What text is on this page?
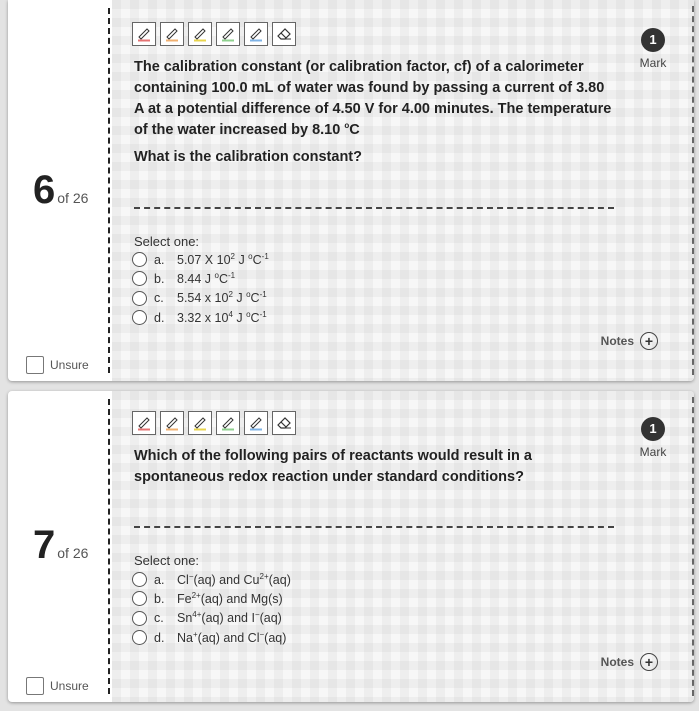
6 of 26
Unsure
1
Mark

The calibration constant (or calibration factor, cf) of a calorimeter containing 100.0 mL of water was found by passing a current of 3.80 A at a potential difference of 4.50 V for 4.00 minutes. The temperature of the water increased by 8.10 $^o$C

What is the calibration constant?

Select one:
a.	5.07 X $10^2$ J $^oC^{-1}$
b.	8.44 J $^oC^{-1}$
c.	5.54 x $10^2$ J $^oC^{-1}$
d.	3.32 x $10^4$ J $^oC^{-1}$
Notes +
7 of 26
Unsure
1
Mark

Which of the following pairs of reactants would result in a spontaneous redox reaction under standard conditions?

Select one:
a.	Cl−(aq) and $Cu^{2+}(aq)$
b.	$Fe^{2+}(aq)$ and Mg(s)
c.	$Sn^{4+}(aq)$ and I−(aq)
d.	Na+(aq) and Cl−(aq)
Notes +
